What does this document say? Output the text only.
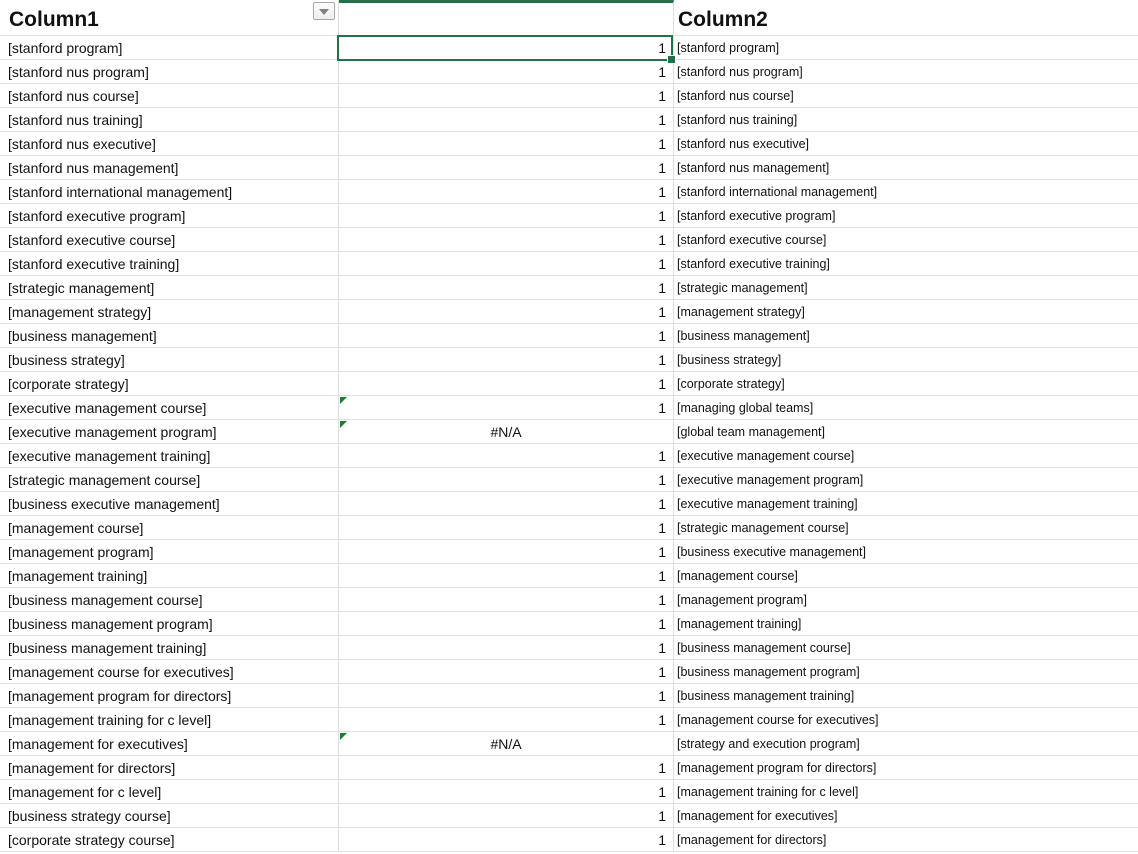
Column1	Column2
[stanford program]	1 [stanford program]
[stanford nus program]	1 [stanford nus program]
[stanford nus course]	1 [stanford nus course]
[stanford nus training]	1 [stanford nus training]
[stanford nus executive]	1 [stanford nus executive]
[stanford nus management]	1 [stanford nus management]
[stanford international management]	1 [stanford international management]
[stanford executive program]	1 [stanford executive program]
[stanford executive course]	1 [stanford executive course]
[stanford executive training]	1 [stanford executive training]
[strategic management]	1 [strategic management]
[management strategy]	1 [management strategy]
[business management]	1 [business management]
[business strategy]	1 [business strategy]
[corporate strategy]	1 [corporate strategy]
[executive management course]	1 [managing global teams]
[executive management program]	#N/A	[global team management]
[executive management training]	1 [executive management course]
[strategic management course]	1 [executive management program]
[business executive management]	1 [executive management training]
[management course]	1 [strategic management course]
[management program]	1 [business executive management]
[management training]	1 [management course]
[business management course]	1 [management program]
[business management program]	1 [management training]
[business management training]	1 [business management course]
[management course for executives]	1 [business management program]
[management program for directors]	1 [business management training]
[management training for c level]	1 [management course for executives]
[management for executives]	#N/A	[strategy and execution program]
[management for directors]	1 [management program for directors]
[management for c level]	1 [management training for c level]
[business strategy course]	1 [management for executives]
[corporate strategy course]	1 [management for directors]
